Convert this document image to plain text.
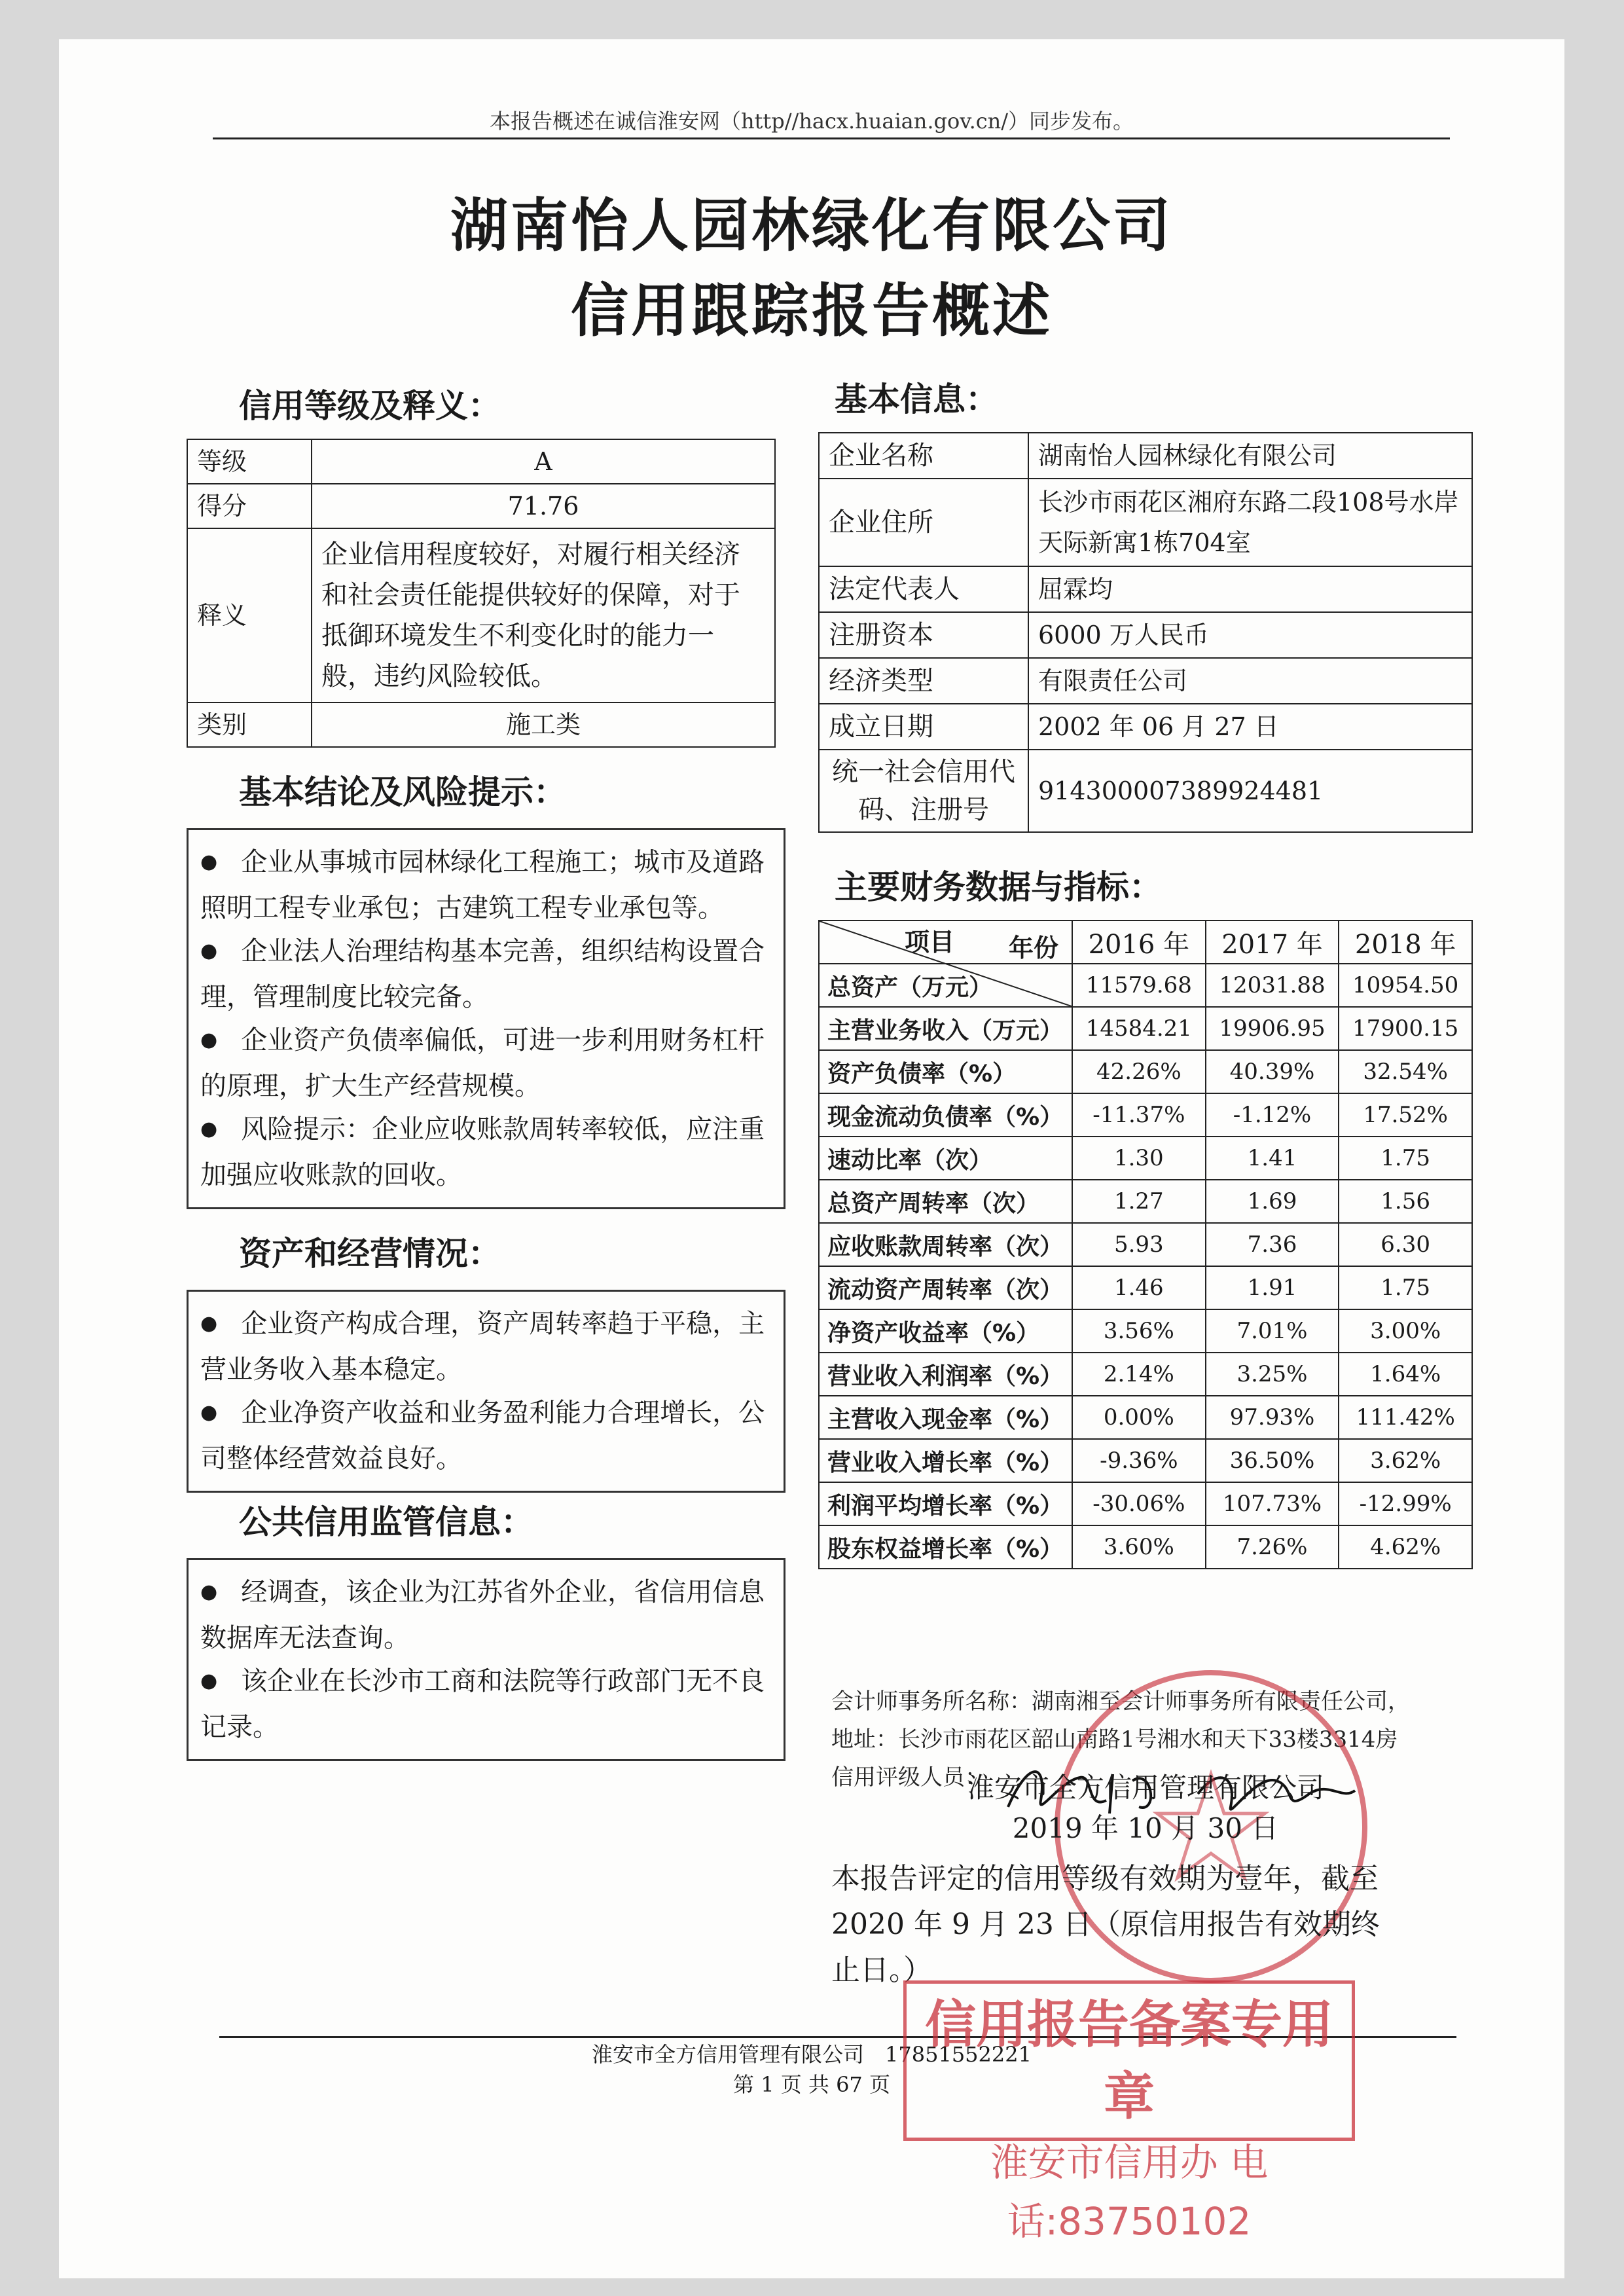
本报告概述在诚信淮安网（http//hacx.huaian.gov.cn/）同步发布。
湖南怡人园林绿化有限公司
信用跟踪报告概述
信用等级及释义：
等级	A
得分	71.76
释义	企业信用程度较好，对履行相关经济和社会责任能提供较好的保障，对于抵御环境发生不利变化时的能力一般，违约风险较低。
类别	施工类
基本结论及风险提示：
● 企业从事城市园林绿化工程施工；城市及道路照明工程专业承包；古建筑工程专业承包等。
● 企业法人治理结构基本完善，组织结构设置合理，管理制度比较完备。
● 企业资产负债率偏低，可进一步利用财务杠杆的原理，扩大生产经营规模。
● 风险提示：企业应收账款周转率较低，应注重加强应收账款的回收。
资产和经营情况：
● 企业资产构成合理，资产周转率趋于平稳，主营业务收入基本稳定。
● 企业净资产收益和业务盈利能力合理增长，公司整体经营效益良好。
公共信用监管信息：
● 经调查，该企业为江苏省外企业，省信用信息数据库无法查询。
● 该企业在长沙市工商和法院等行政部门无不良记录。
基本信息：
企业名称	湖南怡人园林绿化有限公司
企业住所	长沙市雨花区湘府东路二段108号水岸天际新寓1栋704室
法定代表人	屈霖均
注册资本	6000 万人民币
经济类型	有限责任公司
成立日期	2002 年 06 月 27 日
统一社会信用代码、注册号	914300007389924481
主要财务数据与指标：
年份
项目	2016 年	2017 年	2018 年
总资产（万元）	11579.68	12031.88	10954.50
主营业务收入（万元）	14584.21	19906.95	17900.15
资产负债率（%）	42.26%	40.39%	32.54%
现金流动负债率（%）	-11.37%	-1.12%	17.52%
速动比率（次）	1.30	1.41	1.75
总资产周转率（次）	1.27	1.69	1.56
应收账款周转率（次）	5.93	7.36	6.30
流动资产周转率（次）	1.46	1.91	1.75
净资产收益率（%）	3.56%	7.01%	3.00%
营业收入利润率（%）	2.14%	3.25%	1.64%
主营收入现金率（%）	0.00%	97.93%	111.42%
营业收入增长率（%）	-9.36%	36.50%	3.62%
利润平均增长率（%）	-30.06%	107.73%	-12.99%
股东权益增长率（%）	3.60%	7.26%	4.62%
会计师事务所名称：湖南湘至会计师事务所有限责任公司，
地址：长沙市雨花区韶山南路1号湘水和天下33楼3314房
信用评级人员：
淮安市全方信用管理有限公司
2019 年 10 月 30 日
本报告评定的信用等级有效期为壹年，截至 2020 年 9 月 23 日（原信用报告有效期终止日。）
淮安市全方信用管理有限公司　17851552221
第 1 页 共 67 页
信用报告备案专用章
淮安市信用办 电话:83750102
